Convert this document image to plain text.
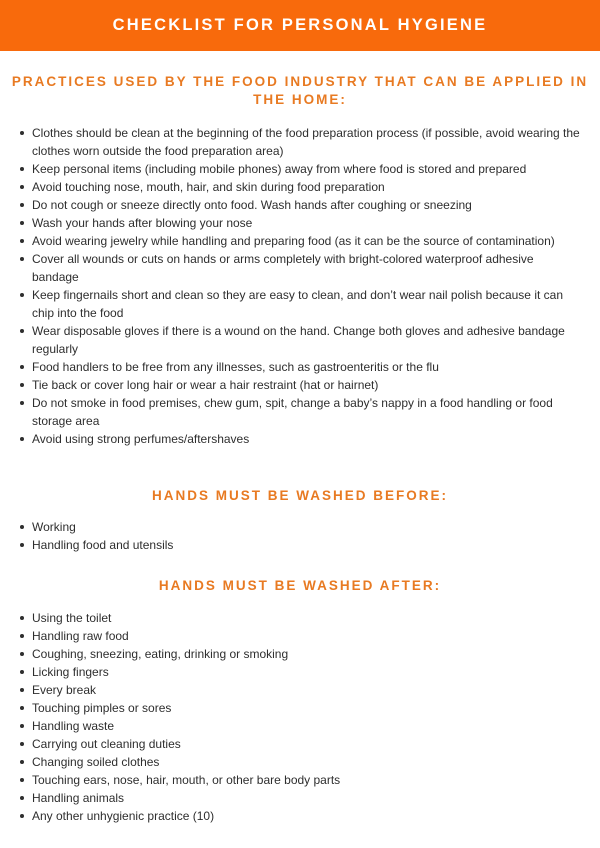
CHECKLIST FOR PERSONAL HYGIENE
PRACTICES USED BY THE FOOD INDUSTRY THAT CAN BE APPLIED IN
THE HOME:
Clothes should be clean at the beginning of the food preparation process (if possible, avoid wearing the clothes worn outside the food preparation area)
Keep personal items (including mobile phones) away from where food is stored and prepared
Avoid touching nose, mouth, hair, and skin during food preparation
Do not cough or sneeze directly onto food. Wash hands after coughing or sneezing
Wash your hands after blowing your nose
Avoid wearing jewelry while handling and preparing food (as it can be the source of contamination)
Cover all wounds or cuts on hands or arms completely with bright-colored waterproof adhesive bandage
Keep fingernails short and clean so they are easy to clean, and don’t wear nail polish because it can chip into the food
Wear disposable gloves if there is a wound on the hand. Change both gloves and adhesive bandage regularly
Food handlers to be free from any illnesses, such as gastroenteritis or the flu
Tie back or cover long hair or wear a hair restraint (hat or hairnet)
Do not smoke in food premises, chew gum, spit, change a baby’s nappy in a food handling or food storage area
Avoid using strong perfumes/aftershaves
HANDS MUST BE WASHED BEFORE:
Working
Handling food and utensils
HANDS MUST BE WASHED AFTER:
Using the toilet
Handling raw food
Coughing, sneezing, eating, drinking or smoking
Licking fingers
Every break
Touching pimples or sores
Handling waste
Carrying out cleaning duties
Changing soiled clothes
Touching ears, nose, hair, mouth, or other bare body parts
Handling animals
Any other unhygienic practice (10)
